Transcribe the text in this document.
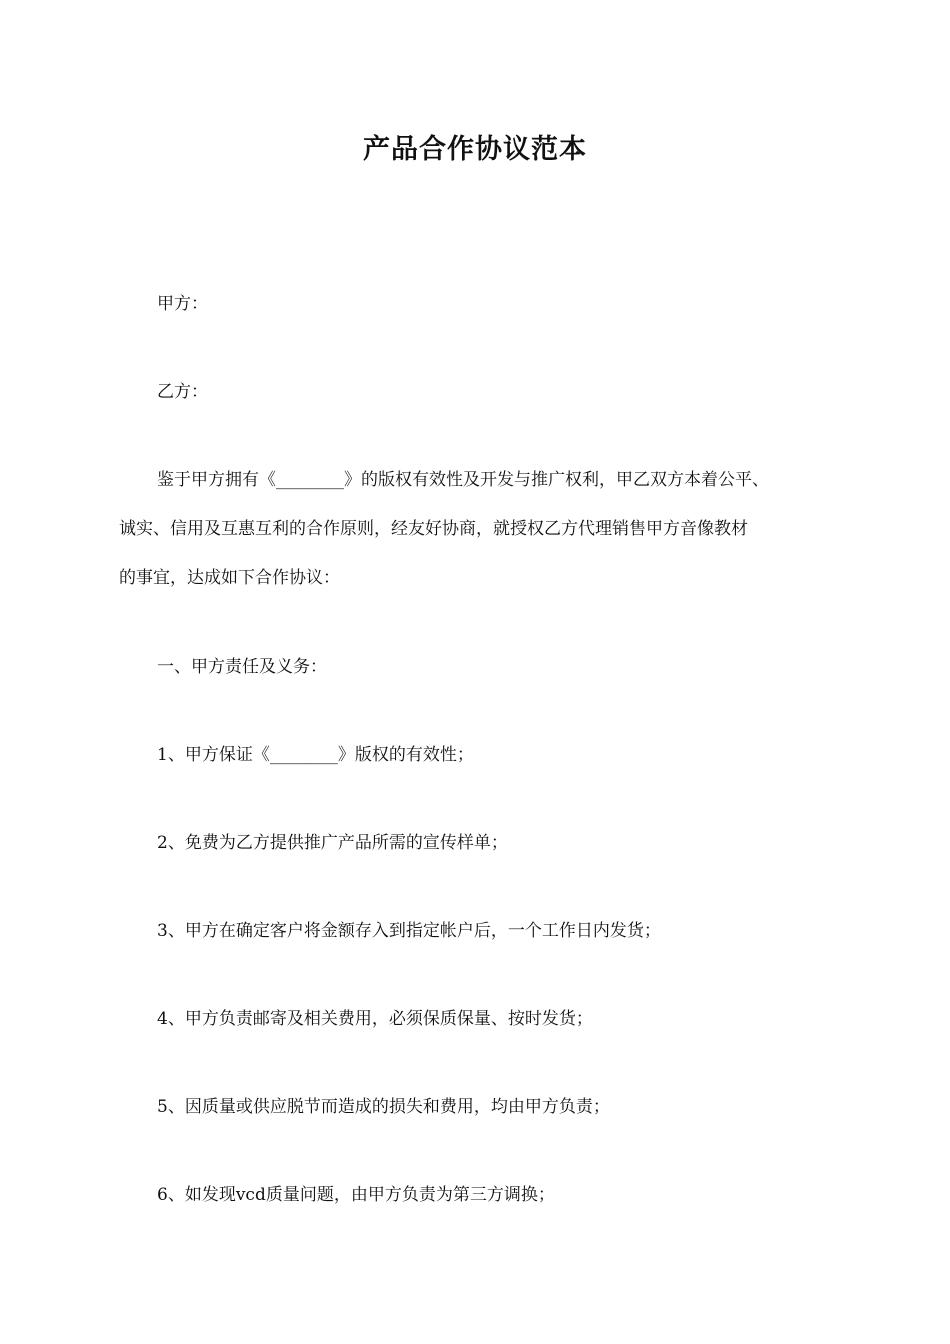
产品合作协议范本
甲方：
乙方：
鉴于甲方拥有《________》的版权有效性及开发与推广权利，甲乙双方本着公平、
诚实、信用及互惠互利的合作原则，经友好协商，就授权乙方代理销售甲方音像教材
的事宜，达成如下合作协议：
一、甲方责任及义务：
1、甲方保证《________》版权的有效性；
2、免费为乙方提供推广产品所需的宣传样单；
3、甲方在确定客户将金额存入到指定帐户后，一个工作日内发货；
4、甲方负责邮寄及相关费用，必须保质保量、按时发货；
5、因质量或供应脱节而造成的损失和费用，均由甲方负责；
6、如发现vcd质量问题，由甲方负责为第三方调换；
